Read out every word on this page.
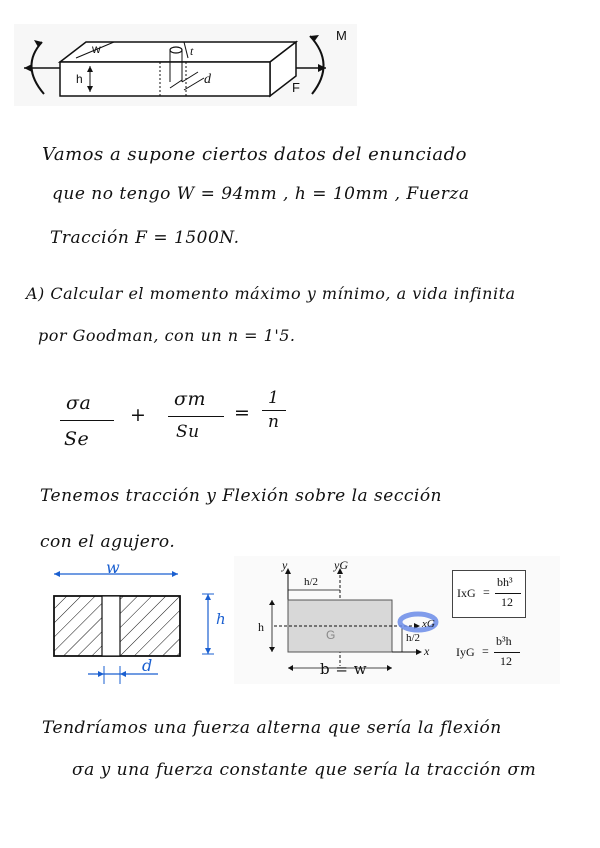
w
h	d
t
M
F
Vamos a supone ciertos datos del enunciado
que no tengo W = 94mm , h = 10mm , Fuerza
Tracción F = 1500N.
A) Calcular el momento máximo y mínimo, a vida infinita
por Goodman, con un n = 1'5.
σa
Se
+
σm
Su
=
1
n
Tenemos tracción y Flexión sobre la sección
con el agujero.
w
h
d
y	yG
h/2
h
G
xG
x
h/2
b = w
IxG =
bh³
12
IyG =
b³h
12
Tendríamos una fuerza alterna que sería la flexión
σa y una fuerza constante que sería la tracción σm
